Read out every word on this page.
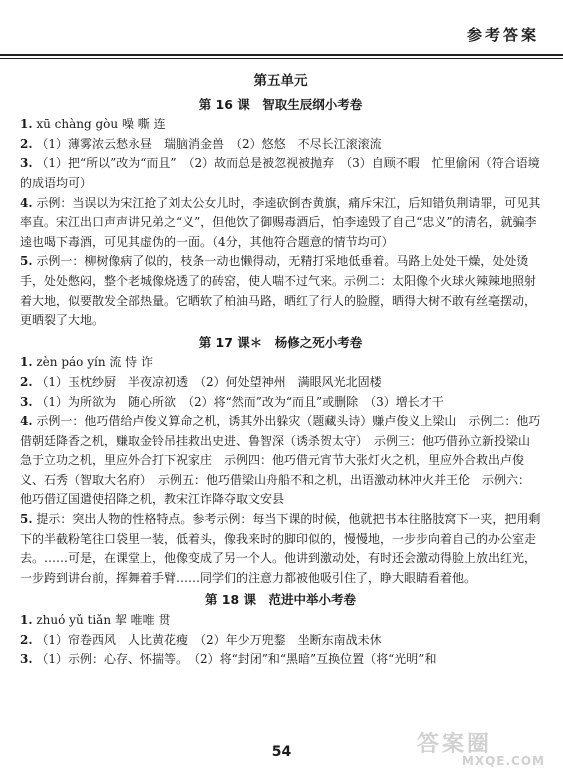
参考答案
第五单元
第 16 课　智取生辰纲小考卷

1. xū chàng gòu 噪 嘶 连

2. （1）薄雾浓云愁永昼　瑞脑消金兽　（2）悠悠　不尽长江滚滚流

3. （1）把“所以”改为“而且”　（2）故而总是被忽视被抛弃　（3）自顾不暇　忙里偷闲（符合语境的成语均可）

4. 示例：当误以为宋江抢了刘太公女儿时，李逵砍倒杏黄旗，痛斥宋江，后知错负荆请罪，可见其率直。宋江出口声声讲兄弟之“义”，但他饮了御赐毒酒后，怕李逵毁了自己“忠义”的清名，就骗李逵也喝下毒酒，可见其虚伪的一面。（4分，其他符合题意的情节均可）

5. 示例一：柳树像病了似的，枝条一动也懒得动，无精打采地低垂着。马路上处处干燥，处处烫手，处处憋闷，整个老城像烧透了的砖窑，使人喘不过气来。示例二：太阳像个火球火辣辣地照射着大地，似要散发全部热量。它晒软了柏油马路，晒红了行人的脸膛，晒得大树不敢有丝毫摆动，更晒裂了大地。

第 17 课＊　杨修之死小考卷

1. zèn páo yín 流 恃 诈

2. （1）玉枕纱厨　半夜凉初透　（2）何处望神州　满眼风光北固楼

3. （1）为所欲为　随心所欲　（2）将“然而”改为“而且”或删除　（3）增长才干

4. 示例一：他巧借给卢俊义算命之机，诱其外出躲灾（题藏头诗）赚卢俊义上梁山　示例二：他巧借朝廷降香之机，赚取金铃吊挂救出史进、鲁智深（诱杀贺太守）　示例三：他巧借孙立新投梁山急于立功之机，里应外合打下祝家庄　示例四：他巧借元宵节大张灯火之机，里应外合救出卢俊义、石秀（智取大名府）　示例五：他巧借梁山舟船不和之机，出语激动林冲火并王伦　示例六：他巧借辽国遣使招降之机，教宋江诈降夺取文安县

5. 提示：突出人物的性格特点。参考示例：每当下课的时候，他就把书本往胳肢窝下一夹，把用剩下的半截粉笔往口袋里一装，低着头，像我来时的脚印似的，慢慢地，一步步向着自己的办公室走去。……可是，在课堂上，他像变成了另一个人。他讲到激动处，有时还会激动得脸上放出红光，一步跨到讲台前，挥舞着手臂……同学们的注意力都被他吸引住了，睁大眼睛看着他。

第 18 课　范进中举小考卷

1. zhuó yǔ tiǎn 挈 唯唯 贯

2. （1）帘卷西风　人比黄花瘦　（2）年少万兜鍪　坐断东南战未休

3. （1）示例：心存、怀揣等。　（2）将“封闭”和“黑暗”互换位置（将“光明”和

54	答案圈
MXQE.COM
